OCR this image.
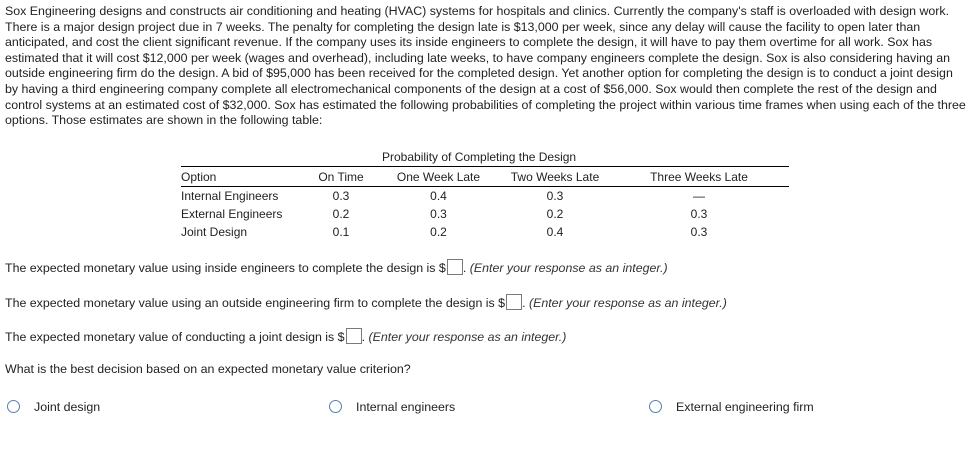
Sox Engineering designs and constructs air conditioning and heating (HVAC) systems for hospitals and clinics. Currently the company's staff is overloaded with design work. There is a major design project due in 7 weeks. The penalty for completing the design late is $13,000 per week, since any delay will cause the facility to open later than anticipated, and cost the client significant revenue. If the company uses its inside engineers to complete the design, it will have to pay them overtime for all work. Sox has estimated that it will cost $12,000 per week (wages and overhead), including late weeks, to have company engineers complete the design. Sox is also considering having an outside engineering firm do the design. A bid of $95,000 has been received for the completed design. Yet another option for completing the design is to conduct a joint design by having a third engineering company complete all electromechanical components of the design at a cost of $56,000. Sox would then complete the rest of the design and control systems at an estimated cost of $32,000. Sox has estimated the following probabilities of completing the project within various time frames when using each of the three options. Those estimates are shown in the following table:

Probability of Completing the Design
Option	On Time	One Week Late	Two Weeks Late	Three Weeks Late
Internal Engineers	0.3	0.4	0.3	—
External Engineers	0.2	0.3	0.2	0.3
Joint Design	0.1	0.2	0.4	0.3
The expected monetary value using inside engineers to complete the design is $ . (Enter your response as an integer.)
The expected monetary value using an outside engineering firm to complete the design is $ . (Enter your response as an integer.)
The expected monetary value of conducting a joint design is $ . (Enter your response as an integer.)
What is the best decision based on an expected monetary value criterion?
Joint design	Internal engineers	External engineering firm
